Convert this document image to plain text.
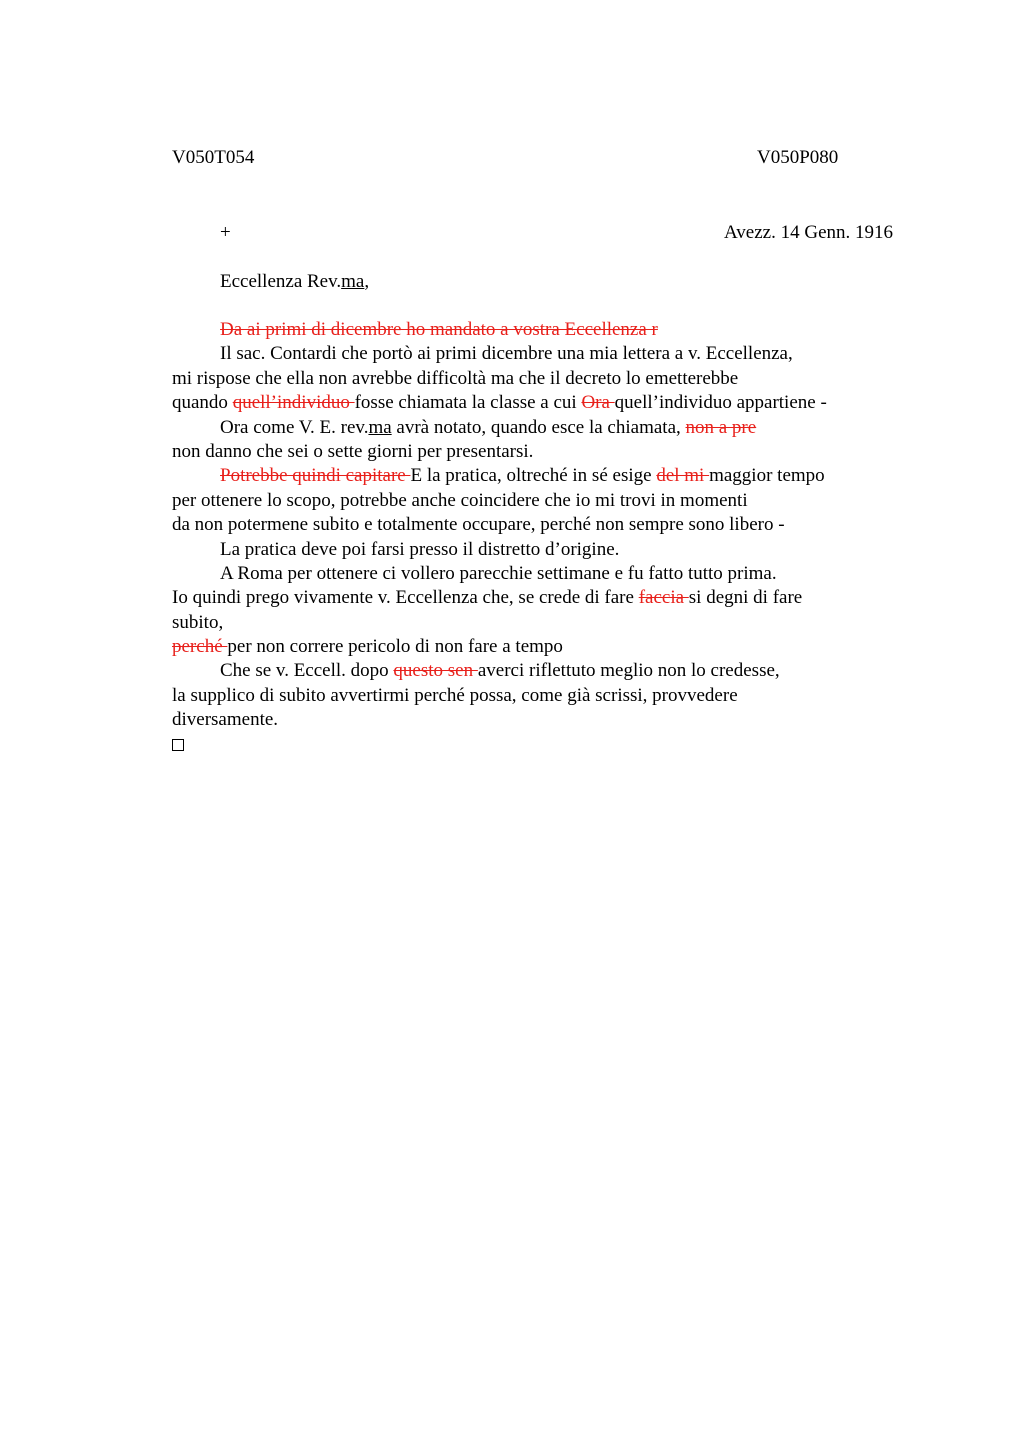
V050T054	V050P080
+	Avezz. 14 Genn. 1916
Eccellenza Rev.ma,
Da ai primi di dicembre ho mandato a vostra Eccellenza r
Il sac. Contardi che portò ai primi dicembre una mia lettera a v. Eccellenza,
mi rispose che ella non avrebbe difficoltà ma che il decreto lo emetterebbe
quando quell’individuo fosse chiamata la classe a cui Ora quell’individuo appartiene -
Ora come V. E. rev.ma avrà notato, quando esce la chiamata, non a pre
non danno che sei o sette giorni per presentarsi.
Potrebbe quindi capitare E la pratica, oltreché in sé esige del mi maggior tempo
per ottenere lo scopo, potrebbe anche coincidere che io mi trovi in momenti
da non potermene subito e totalmente occupare, perché non sempre sono libero -
La pratica deve poi farsi presso il distretto d’origine.
A Roma per ottenere ci vollero parecchie settimane e fu fatto tutto prima.
Io quindi prego vivamente v. Eccellenza che, se crede di fare faccia si degni di fare
subito,
perché per non correre pericolo di non fare a tempo
Che se v. Eccell. dopo questo sen averci riflettuto meglio non lo credesse,
la supplico di subito avvertirmi perché possa, come già scrissi, provvedere
diversamente.
